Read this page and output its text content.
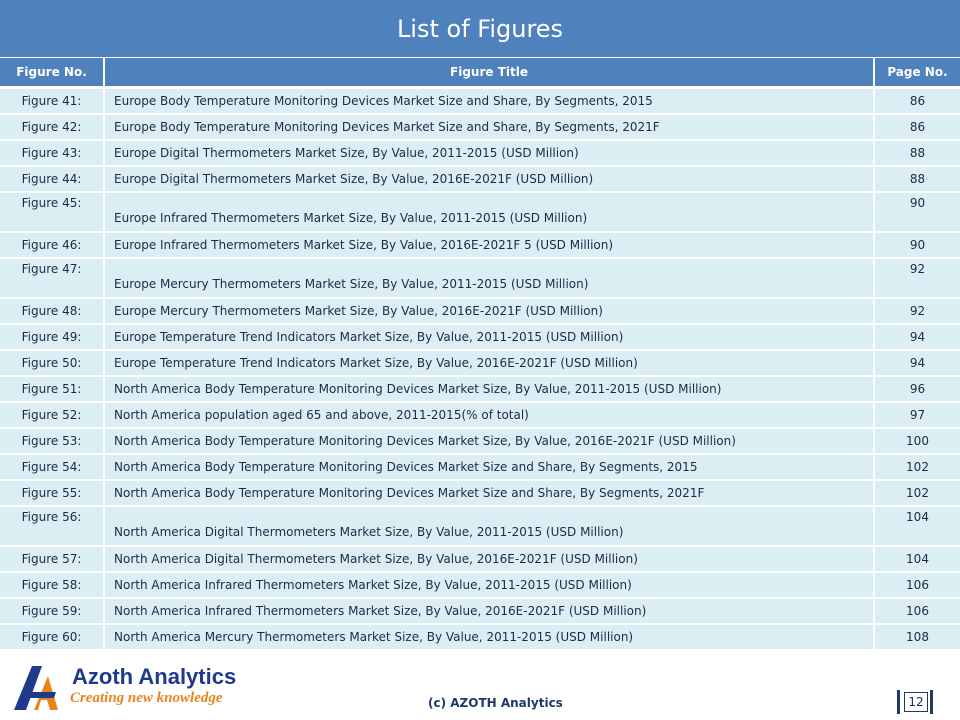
List of Figures
Figure No.	Figure Title	Page No.
Figure 41:	Europe Body Temperature Monitoring Devices Market Size and Share, By Segments, 2015	86
Figure 42:	Europe Body Temperature Monitoring Devices Market Size and Share, By Segments, 2021F	86
Figure 43:	Europe Digital Thermometers Market Size, By Value, 2011-2015 (USD Million)	88
Figure 44:	Europe Digital Thermometers Market Size, By Value, 2016E-2021F (USD Million)	88
Figure 45:	Europe Infrared Thermometers Market Size, By Value, 2011-2015 (USD Million)	90
Figure 46:	Europe Infrared Thermometers Market Size, By Value, 2016E-2021F 5 (USD Million)	90
Figure 47:	Europe Mercury Thermometers Market Size, By Value, 2011-2015 (USD Million)	92
Figure 48:	Europe Mercury Thermometers Market Size, By Value, 2016E-2021F (USD Million)	92
Figure 49:	Europe Temperature Trend Indicators Market Size, By Value, 2011-2015 (USD Million)	94
Figure 50:	Europe Temperature Trend Indicators Market Size, By Value, 2016E-2021F (USD Million)	94
Figure 51:	North America Body Temperature Monitoring Devices Market Size, By Value, 2011-2015 (USD Million)	96
Figure 52:	North America population aged 65 and above, 2011-2015(% of total)	97
Figure 53:	North America Body Temperature Monitoring Devices Market Size, By Value, 2016E-2021F (USD Million)	100
Figure 54:	North America Body Temperature Monitoring Devices Market Size and Share, By Segments, 2015	102
Figure 55:	North America Body Temperature Monitoring Devices Market Size and Share, By Segments, 2021F	102
Figure 56:	North America Digital Thermometers Market Size, By Value, 2011-2015 (USD Million)	104
Figure 57:	North America Digital Thermometers Market Size, By Value, 2016E-2021F (USD Million)	104
Figure 58:	North America Infrared Thermometers Market Size, By Value, 2011-2015 (USD Million)	106
Figure 59:	North America Infrared Thermometers Market Size, By Value, 2016E-2021F (USD Million)	106
Figure 60:	North America Mercury Thermometers Market Size, By Value, 2011-2015 (USD Million)	108
Azoth Analytics
Creating new knowledge	(c) AZOTH Analytics	12
